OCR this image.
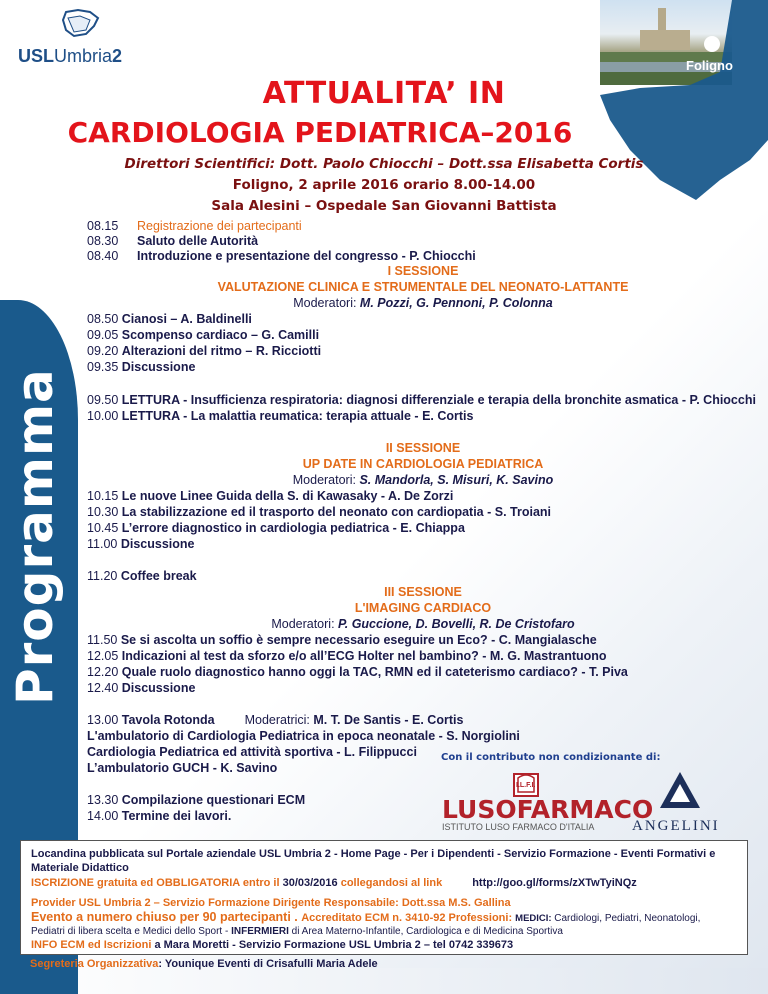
Programma
USLUmbria2	Foligno
ATTUALITA’ IN
CARDIOLOGIA PEDIATRICA–2016
Direttori Scientifici: Dott. Paolo Chiocchi – Dott.ssa Elisabetta Cortis
Foligno, 2 aprile 2016 orario 8.00-14.00
Sala Alesini – Ospedale San Giovanni Battista
08.15 Registrazione dei partecipanti
08.30 Saluto delle Autorità
08.40 Introduzione e presentazione del congresso - P. Chiocchi
I SESSIONE
VALUTAZIONE CLINICA E STRUMENTALE DEL NEONATO-LATTANTE
Moderatori: M. Pozzi, G. Pennoni, P. Colonna
08.50 Cianosi – A. Baldinelli
09.05 Scompenso cardiaco – G. Camilli
09.20 Alterazioni del ritmo – R. Ricciotti
09.35 Discussione
09.50 LETTURA - Insufficienza respiratoria: diagnosi differenziale e terapia della bronchite asmatica - P. Chiocchi
10.00 LETTURA - La malattia reumatica: terapia attuale - E. Cortis
II SESSIONE
UP DATE IN CARDIOLOGIA PEDIATRICA
Moderatori: S. Mandorla, S. Misuri, K. Savino
10.15 Le nuove Linee Guida della S. di Kawasaky - A. De Zorzi
10.30 La stabilizzazione ed il trasporto del neonato con cardiopatia - S. Troiani
10.45 L’errore diagnostico in cardiologia pediatrica - E. Chiappa
11.00 Discussione
11.20 Coffee break
III SESSIONE
L'IMAGING CARDIACO
Moderatori: P. Guccione, D. Bovelli, R. De Cristofaro
11.50 Se si ascolta un soffio è sempre necessario eseguire un Eco? - C. Mangialasche
12.05 Indicazioni al test da sforzo e/o all’ECG Holter nel bambino? - M. G. Mastrantuono
12.20 Quale ruolo diagnostico hanno oggi la TAC, RMN ed il cateterismo cardiaco? - T. Piva
12.40 Discussione
13.00 Tavola Rotonda Moderatrici: M. T. De Santis - E. Cortis
L'ambulatorio di Cardiologia Pediatrica in epoca neonatale - S. Norgiolini
Cardiologia Pediatrica ed attività sportiva - L. Filippucci
L’ambulatorio GUCH - K. Savino
13.30 Compilazione questionari ECM
14.00 Termine dei lavori.
Con il contributo non condizionante di:
LUSOFARMACO
ISTITUTO LUSO FARMACO D'ITALIA
I.L.F.I.
ANGELINI
Locandina pubblicata sul Portale aziendale USL Umbria 2 - Home Page - Per i Dipendenti - Servizio Formazione - Eventi Formativi e
Materiale Didattico
ISCRIZIONE gratuita ed OBBLIGATORIA entro il 30/03/2016 collegandosi al link	http://goo.gl/forms/zXTwTyiNQz
Provider USL Umbria 2 – Servizio Formazione Dirigente Responsabile: Dott.ssa M.S. Gallina
Evento a numero chiuso per 90 partecipanti . Accreditato ECM n. 3410-92 Professioni: MEDICI: Cardiologi, Pediatri, Neonatologi,
Pediatri di libera scelta e Medici dello Sport - INFERMIERI di Area Materno-Infantile, Cardiologica e di Medicina Sportiva
INFO ECM ed Iscrizioni a Mara Moretti - Servizio Formazione USL Umbria 2 – tel 0742 339673
Segreteria Organizzativa: Younique Eventi di Crisafulli Maria Adele
